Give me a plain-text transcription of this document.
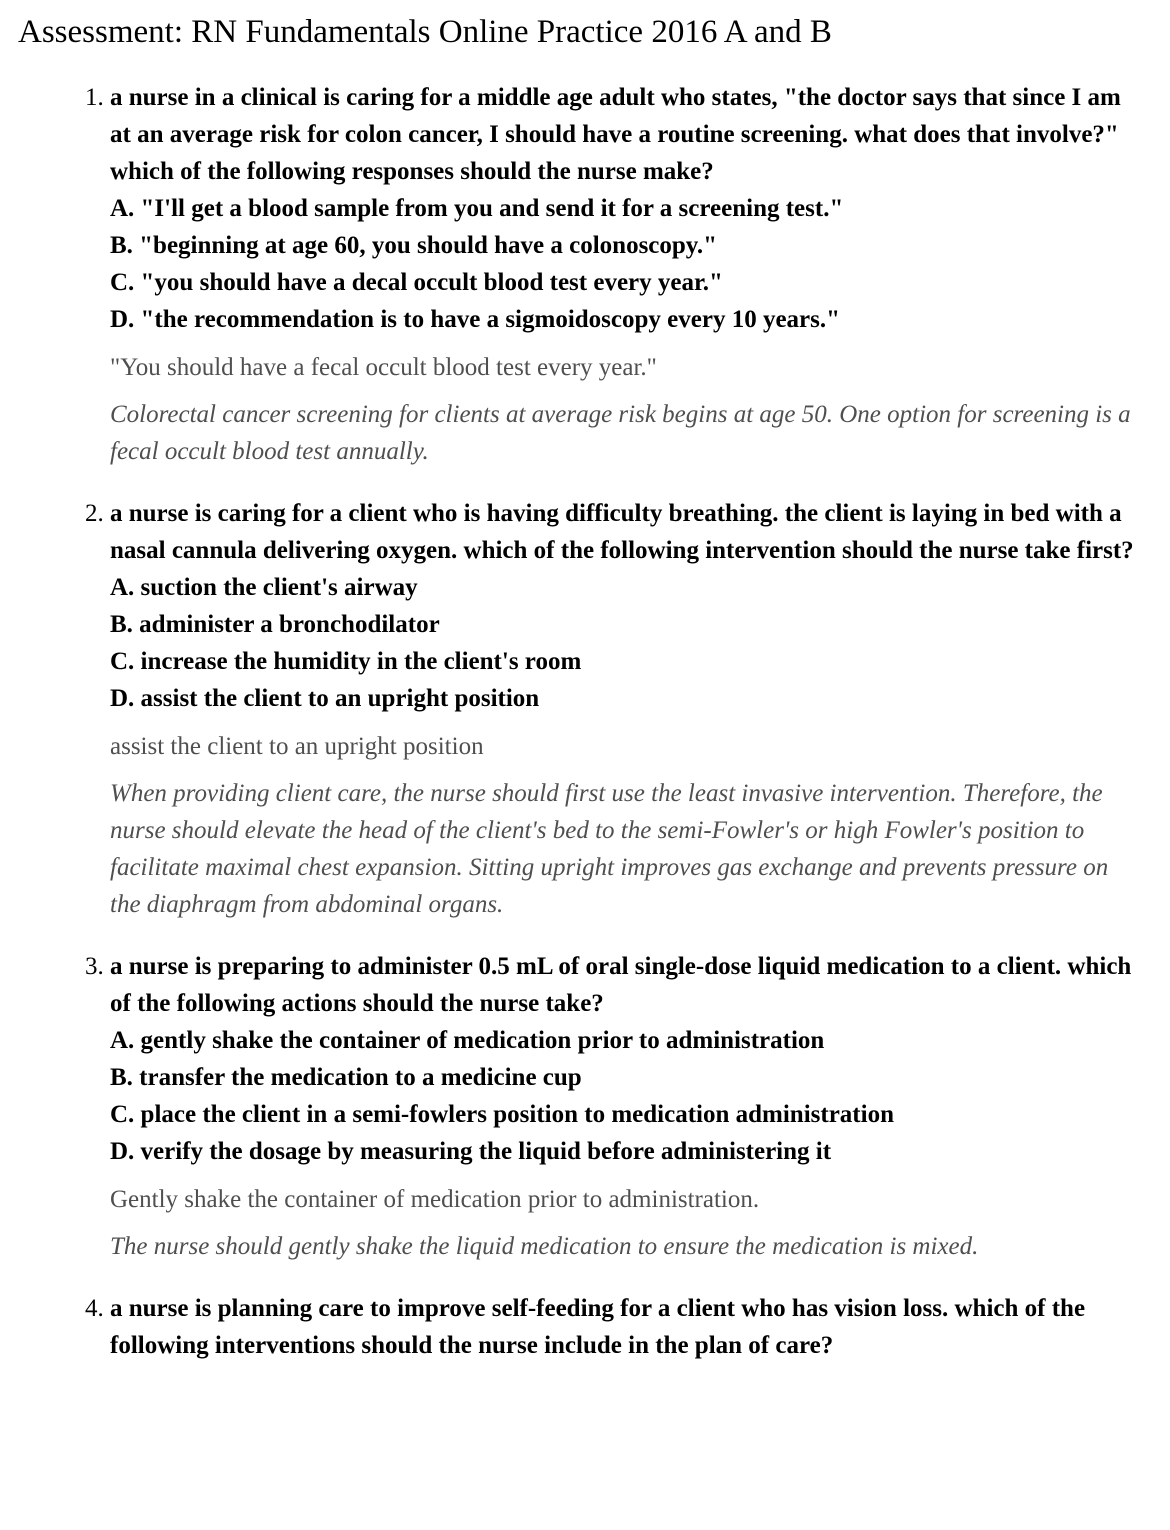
Assessment: RN Fundamentals Online Practice 2016 A and B
1. a nurse in a clinical is caring for a middle age adult who states, "the doctor says that since I am at an average risk for colon cancer, I should have a routine screening. what does that involve?" which of the following responses should the nurse make?
A. "I'll get a blood sample from you and send it for a screening test."
B. "beginning at age 60, you should have a colonoscopy."
C. "you should have a decal occult blood test every year."
D. "the recommendation is to have a sigmoidoscopy every 10 years."
"You should have a fecal occult blood test every year."
Colorectal cancer screening for clients at average risk begins at age 50. One option for screening is a fecal occult blood test annually.
2. a nurse is caring for a client who is having difficulty breathing. the client is laying in bed with a nasal cannula delivering oxygen. which of the following intervention should the nurse take first?
A. suction the client's airway
B. administer a bronchodilator
C. increase the humidity in the client's room
D. assist the client to an upright position
assist the client to an upright position
When providing client care, the nurse should first use the least invasive intervention. Therefore, the nurse should elevate the head of the client's bed to the semi-Fowler's or high Fowler's position to facilitate maximal chest expansion. Sitting upright improves gas exchange and prevents pressure on the diaphragm from abdominal organs.
3. a nurse is preparing to administer 0.5 mL of oral single-dose liquid medication to a client. which of the following actions should the nurse take?
A. gently shake the container of medication prior to administration
B. transfer the medication to a medicine cup
C. place the client in a semi-fowlers position to medication administration
D. verify the dosage by measuring the liquid before administering it
Gently shake the container of medication prior to administration.
The nurse should gently shake the liquid medication to ensure the medication is mixed.
4. a nurse is planning care to improve self-feeding for a client who has vision loss. which of the following interventions should the nurse include in the plan of care?
